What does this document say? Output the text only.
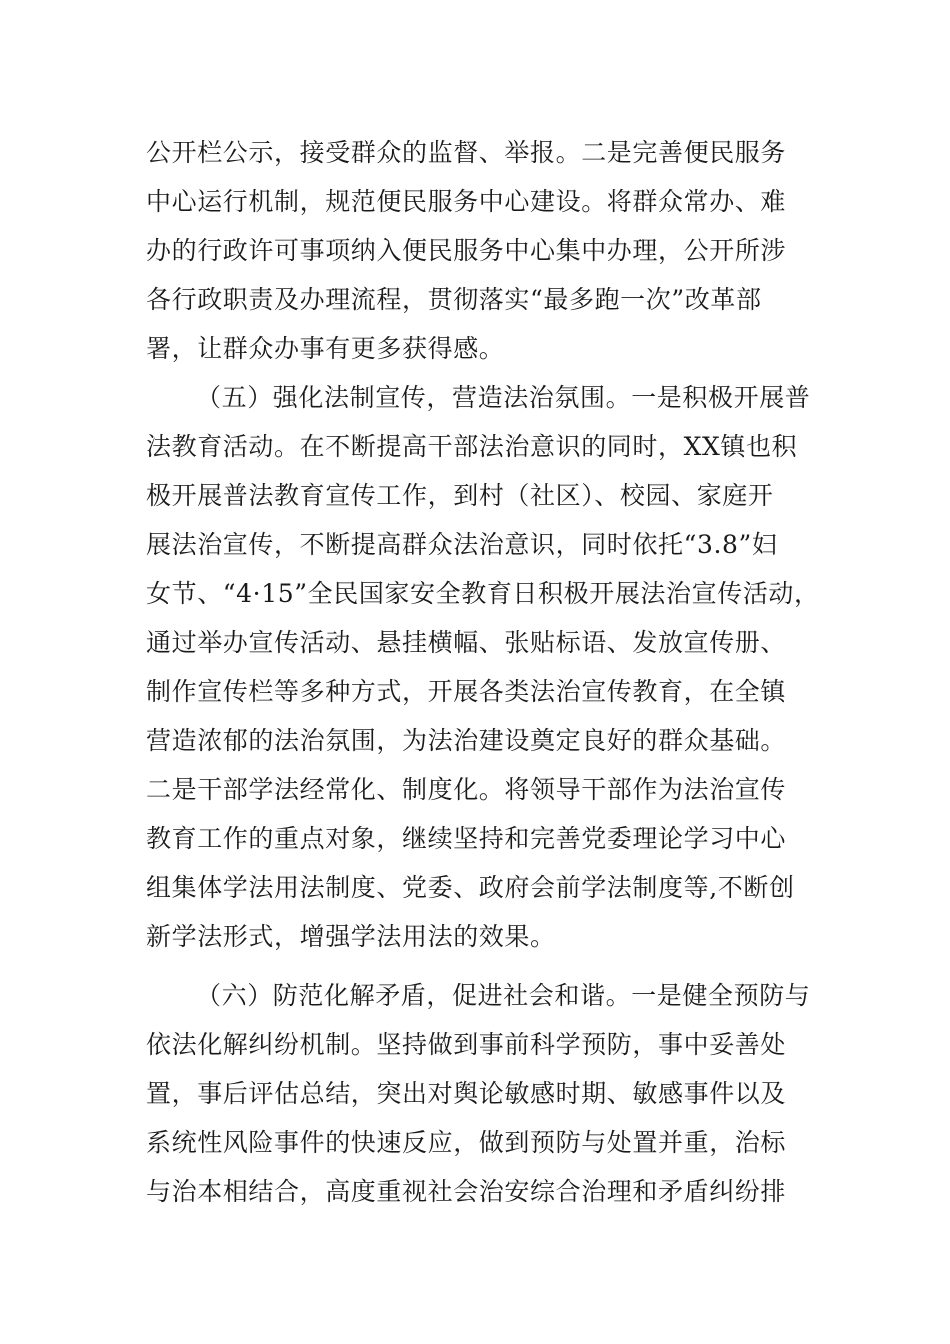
公开栏公示，接受群众的监督、举报。二是完善便民服务

中心运行机制，规范便民服务中心建设。将群众常办、难

办的行政许可事项纳入便民服务中心集中办理，公开所涉

各行政职责及办理流程，贯彻落实“最多跑一次”改革部

署，让群众办事有更多获得感。

（五）强化法制宣传，营造法治氛围。一是积极开展普

法教育活动。在不断提高干部法治意识的同时，XX镇也积

极开展普法教育宣传工作，到村（社区）、校园、家庭开

展法治宣传，不断提高群众法治意识，同时依托“3.8”妇

女节、“4·15”全民国家安全教育日积极开展法治宣传活动，

通过举办宣传活动、悬挂横幅、张贴标语、发放宣传册、

制作宣传栏等多种方式，开展各类法治宣传教育，在全镇

营造浓郁的法治氛围，为法治建设奠定良好的群众基础。

二是干部学法经常化、制度化。将领导干部作为法治宣传

教育工作的重点对象，继续坚持和完善党委理论学习中心

组集体学法用法制度、党委、政府会前学法制度等,不断创

新学法形式，增强学法用法的效果。

（六）防范化解矛盾，促进社会和谐。一是健全预防与

依法化解纠纷机制。坚持做到事前科学预防，事中妥善处

置，事后评估总结，突出对舆论敏感时期、敏感事件以及

系统性风险事件的快速反应，做到预防与处置并重，治标

与治本相结合，高度重视社会治安综合治理和矛盾纠纷排
